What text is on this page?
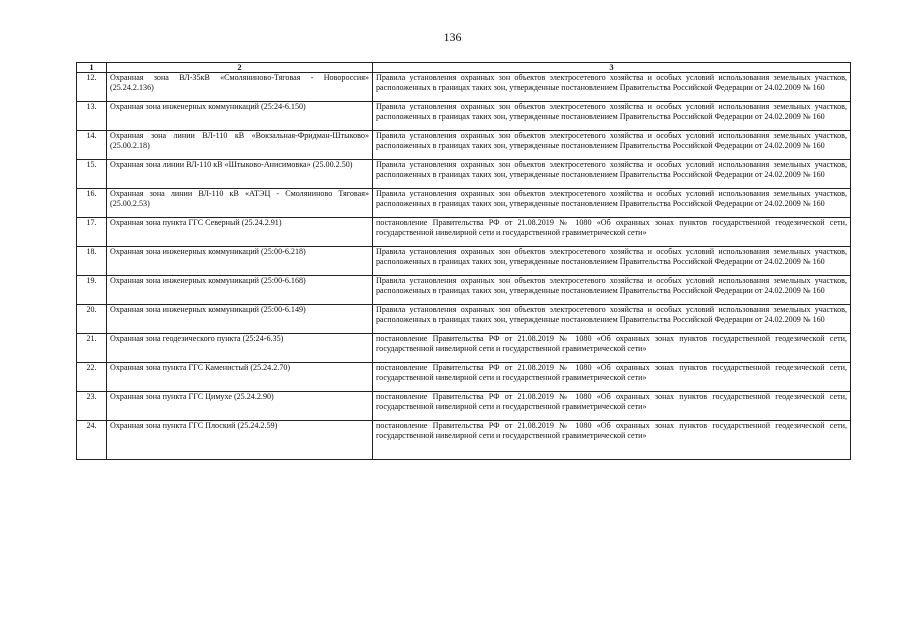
136
1	2	3
12.	Охранная зона ВЛ-35кВ «Смоляниново-Тяговая - Новороссия» (25.24.2.136)	Правила установления охранных зон объектов электросетевого хозяйства и особых условий использования земельных участков, расположенных в границах таких зон, утвержденные постановлением Правительства Российской Федерации от 24.02.2009 № 160
13.	Охранная зона инженерных коммуникаций (25:24-6.150)	Правила установления охранных зон объектов электросетевого хозяйства и особых условий использования земельных участков, расположенных в границах таких зон, утвержденные постановлением Правительства Российской Федерации от 24.02.2009 № 160
14.	Охранная зона линии ВЛ-110 кВ «Вокзальная-Фридман-Штыково» (25.00.2.18)	Правила установления охранных зон объектов электросетевого хозяйства и особых условий использования земельных участков, расположенных в границах таких зон, утвержденные постановлением Правительства Российской Федерации от 24.02.2009 № 160
15.	Охранная зона линии ВЛ-110 кВ «Штыково-Анисимовка» (25.00.2.50)	Правила установления охранных зон объектов электросетевого хозяйства и особых условий использования земельных участков, расположенных в границах таких зон, утвержденные постановлением Правительства Российской Федерации от 24.02.2009 № 160
16.	Охранная зона линии ВЛ-110 кВ «АТЭЦ - Смоляниново Тяговая» (25.00.2.53)	Правила установления охранных зон объектов электросетевого хозяйства и особых условий использования земельных участков, расположенных в границах таких зон, утвержденные постановлением Правительства Российской Федерации от 24.02.2009 № 160
17.	Охранная зона пункта ГГС Северный (25.24.2.91)	постановление Правительства РФ от 21.08.2019 № 1080 «Об охранных зонах пунктов государственной геодезической сети, государственной нивелирной сети и государственной гравиметрической сети»
18.	Охранная зона инженерных коммуникаций (25:00-6.218)	Правила установления охранных зон объектов электросетевого хозяйства и особых условий использования земельных участков, расположенных в границах таких зон, утвержденные постановлением Правительства Российской Федерации от 24.02.2009 № 160
19.	Охранная зона инженерных коммуникаций (25:00-6.168)	Правила установления охранных зон объектов электросетевого хозяйства и особых условий использования земельных участков, расположенных в границах таких зон, утвержденные постановлением Правительства Российской Федерации от 24.02.2009 № 160
20.	Охранная зона инженерных коммуникаций (25:00-6.149)	Правила установления охранных зон объектов электросетевого хозяйства и особых условий использования земельных участков, расположенных в границах таких зон, утвержденные постановлением Правительства Российской Федерации от 24.02.2009 № 160
21.	Охранная зона геодезического пункта (25:24-6.35)	постановление Правительства РФ от 21.08.2019 № 1080 «Об охранных зонах пунктов государственной геодезической сети, государственной нивелирной сети и государственной гравиметрической сети»
22.	Охранная зона пункта ГГС Каменистый (25.24.2.70)	постановление Правительства РФ от 21.08.2019 № 1080 «Об охранных зонах пунктов государственной геодезической сети, государственной нивелирной сети и государственной гравиметрической сети»
23.	Охранная зона пункта ГГС Цимухе (25.24.2.90)	постановление Правительства РФ от 21.08.2019 № 1080 «Об охранных зонах пунктов государственной геодезической сети, государственной нивелирной сети и государственной гравиметрической сети»
24.	Охранная зона пункта ГГС Плоский (25.24.2.59)	постановление Правительства РФ от 21.08.2019 № 1080 «Об охранных зонах пунктов государственной геодезической сети, государственной нивелирной сети и государственной гравиметрической сети»
